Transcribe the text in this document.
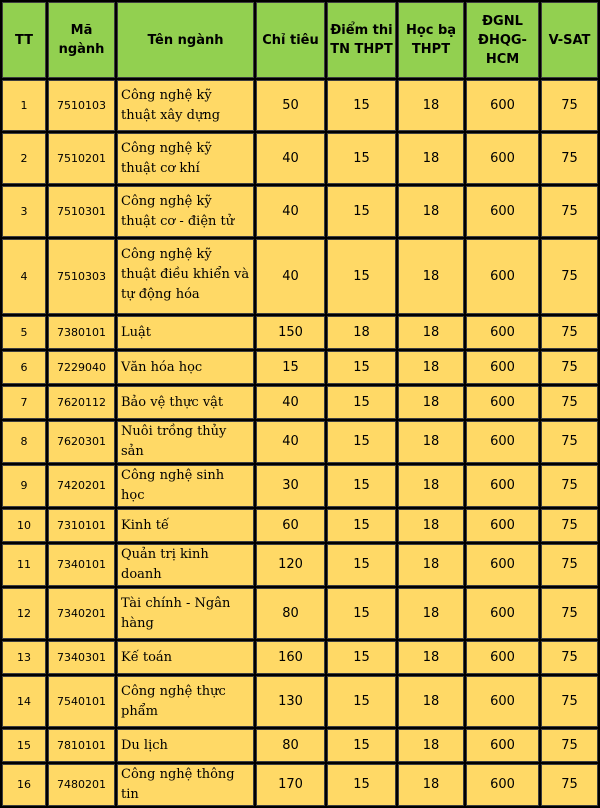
TT	Mã ngành	Tên ngành	Chỉ tiêu	Điểm thi TN THPT	Học bạ THPT	ĐGNL ĐHQG-HCM	V-SAT
1	7510103	Công nghệ kỹ thuật xây dựng	50	15	18	600	75
2	7510201	Công nghệ kỹ thuật cơ khí	40	15	18	600	75
3	7510301	Công nghệ kỹ thuật cơ - điện tử	40	15	18	600	75
4	7510303	Công nghệ kỹ thuật điều khiển và tự động hóa	40	15	18	600	75
5	7380101	Luật	150	18	18	600	75
6	7229040	Văn hóa học	15	15	18	600	75
7	7620112	Bảo vệ thực vật	40	15	18	600	75
8	7620301	Nuôi trồng thủy sản	40	15	18	600	75
9	7420201	Công nghệ sinh học	30	15	18	600	75
10	7310101	Kinh tế	60	15	18	600	75
11	7340101	Quản trị kinh doanh	120	15	18	600	75
12	7340201	Tài chính - Ngân hàng	80	15	18	600	75
13	7340301	Kế toán	160	15	18	600	75
14	7540101	Công nghệ thực phẩm	130	15	18	600	75
15	7810101	Du lịch	80	15	18	600	75
16	7480201	Công nghệ thông tin	170	15	18	600	75
